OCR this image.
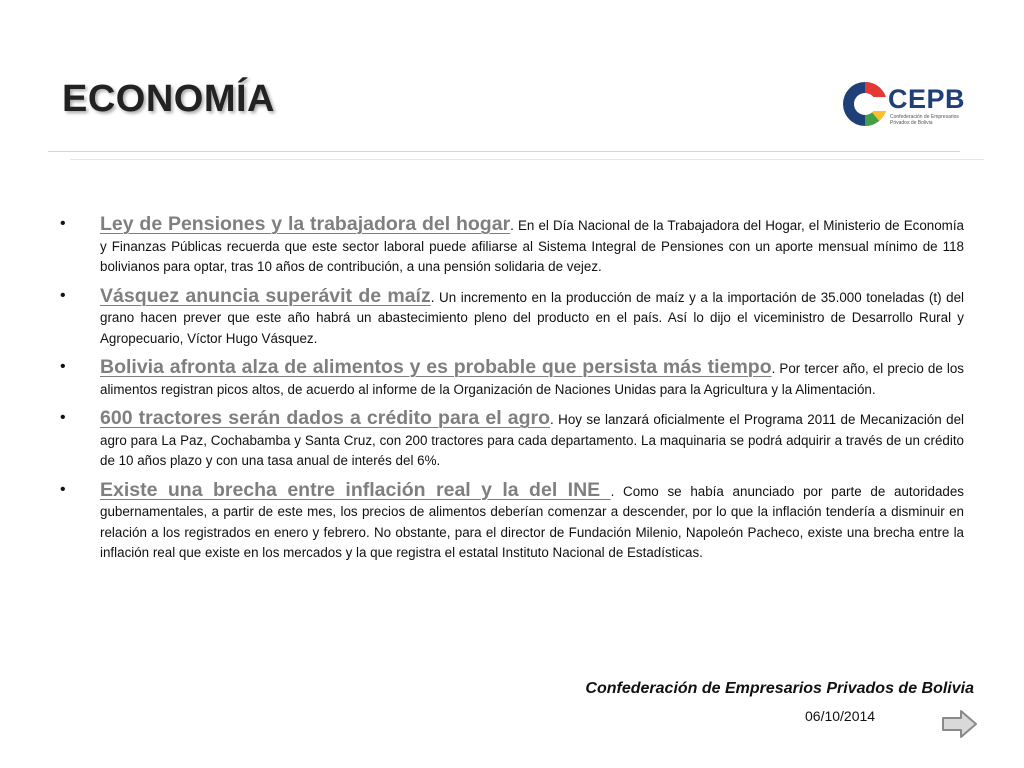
ECONOMÍA	CEPB
Confederación de Empresarios Privados de Bolivia
• Ley de Pensiones y la trabajadora del hogar. En el Día Nacional de la Trabajadora del Hogar, el Ministerio de Economía y Finanzas Públicas recuerda que este sector laboral puede afiliarse al Sistema Integral de Pensiones con un aporte mensual mínimo de 118 bolivianos para optar, tras 10 años de contribución, a una pensión solidaria de vejez.
• Vásquez anuncia superávit de maíz. Un incremento en la producción de maíz y a la importación de 35.000 toneladas (t) del grano hacen prever que este año habrá un abastecimiento pleno del producto en el país. Así lo dijo el viceministro de Desarrollo Rural y Agropecuario, Víctor Hugo Vásquez.
• Bolivia afronta alza de alimentos y es probable que persista más tiempo. Por tercer año, el precio de los alimentos registran picos altos, de acuerdo al informe de la Organización de Naciones Unidas para la Agricultura y la Alimentación.
• 600 tractores serán dados a crédito para el agro. Hoy se lanzará oficialmente el Programa 2011 de Mecanización del agro para La Paz, Cochabamba y Santa Cruz, con 200 tractores para cada departamento. La maquinaria se podrá adquirir a través de un crédito de 10 años plazo y con una tasa anual de interés del 6%.
• Existe una brecha entre inflación real y la del INE . Como se había anunciado por parte de autoridades gubernamentales, a partir de este mes, los precios de alimentos deberían comenzar a descender, por lo que la inflación tendería a disminuir en relación a los registrados en enero y febrero. No obstante, para el director de Fundación Milenio, Napoleón Pacheco, existe una brecha entre la inflación real que existe en los mercados y la que registra el estatal Instituto Nacional de Estadísticas.
Confederación de Empresarios Privados de Bolivia
06/10/2014
